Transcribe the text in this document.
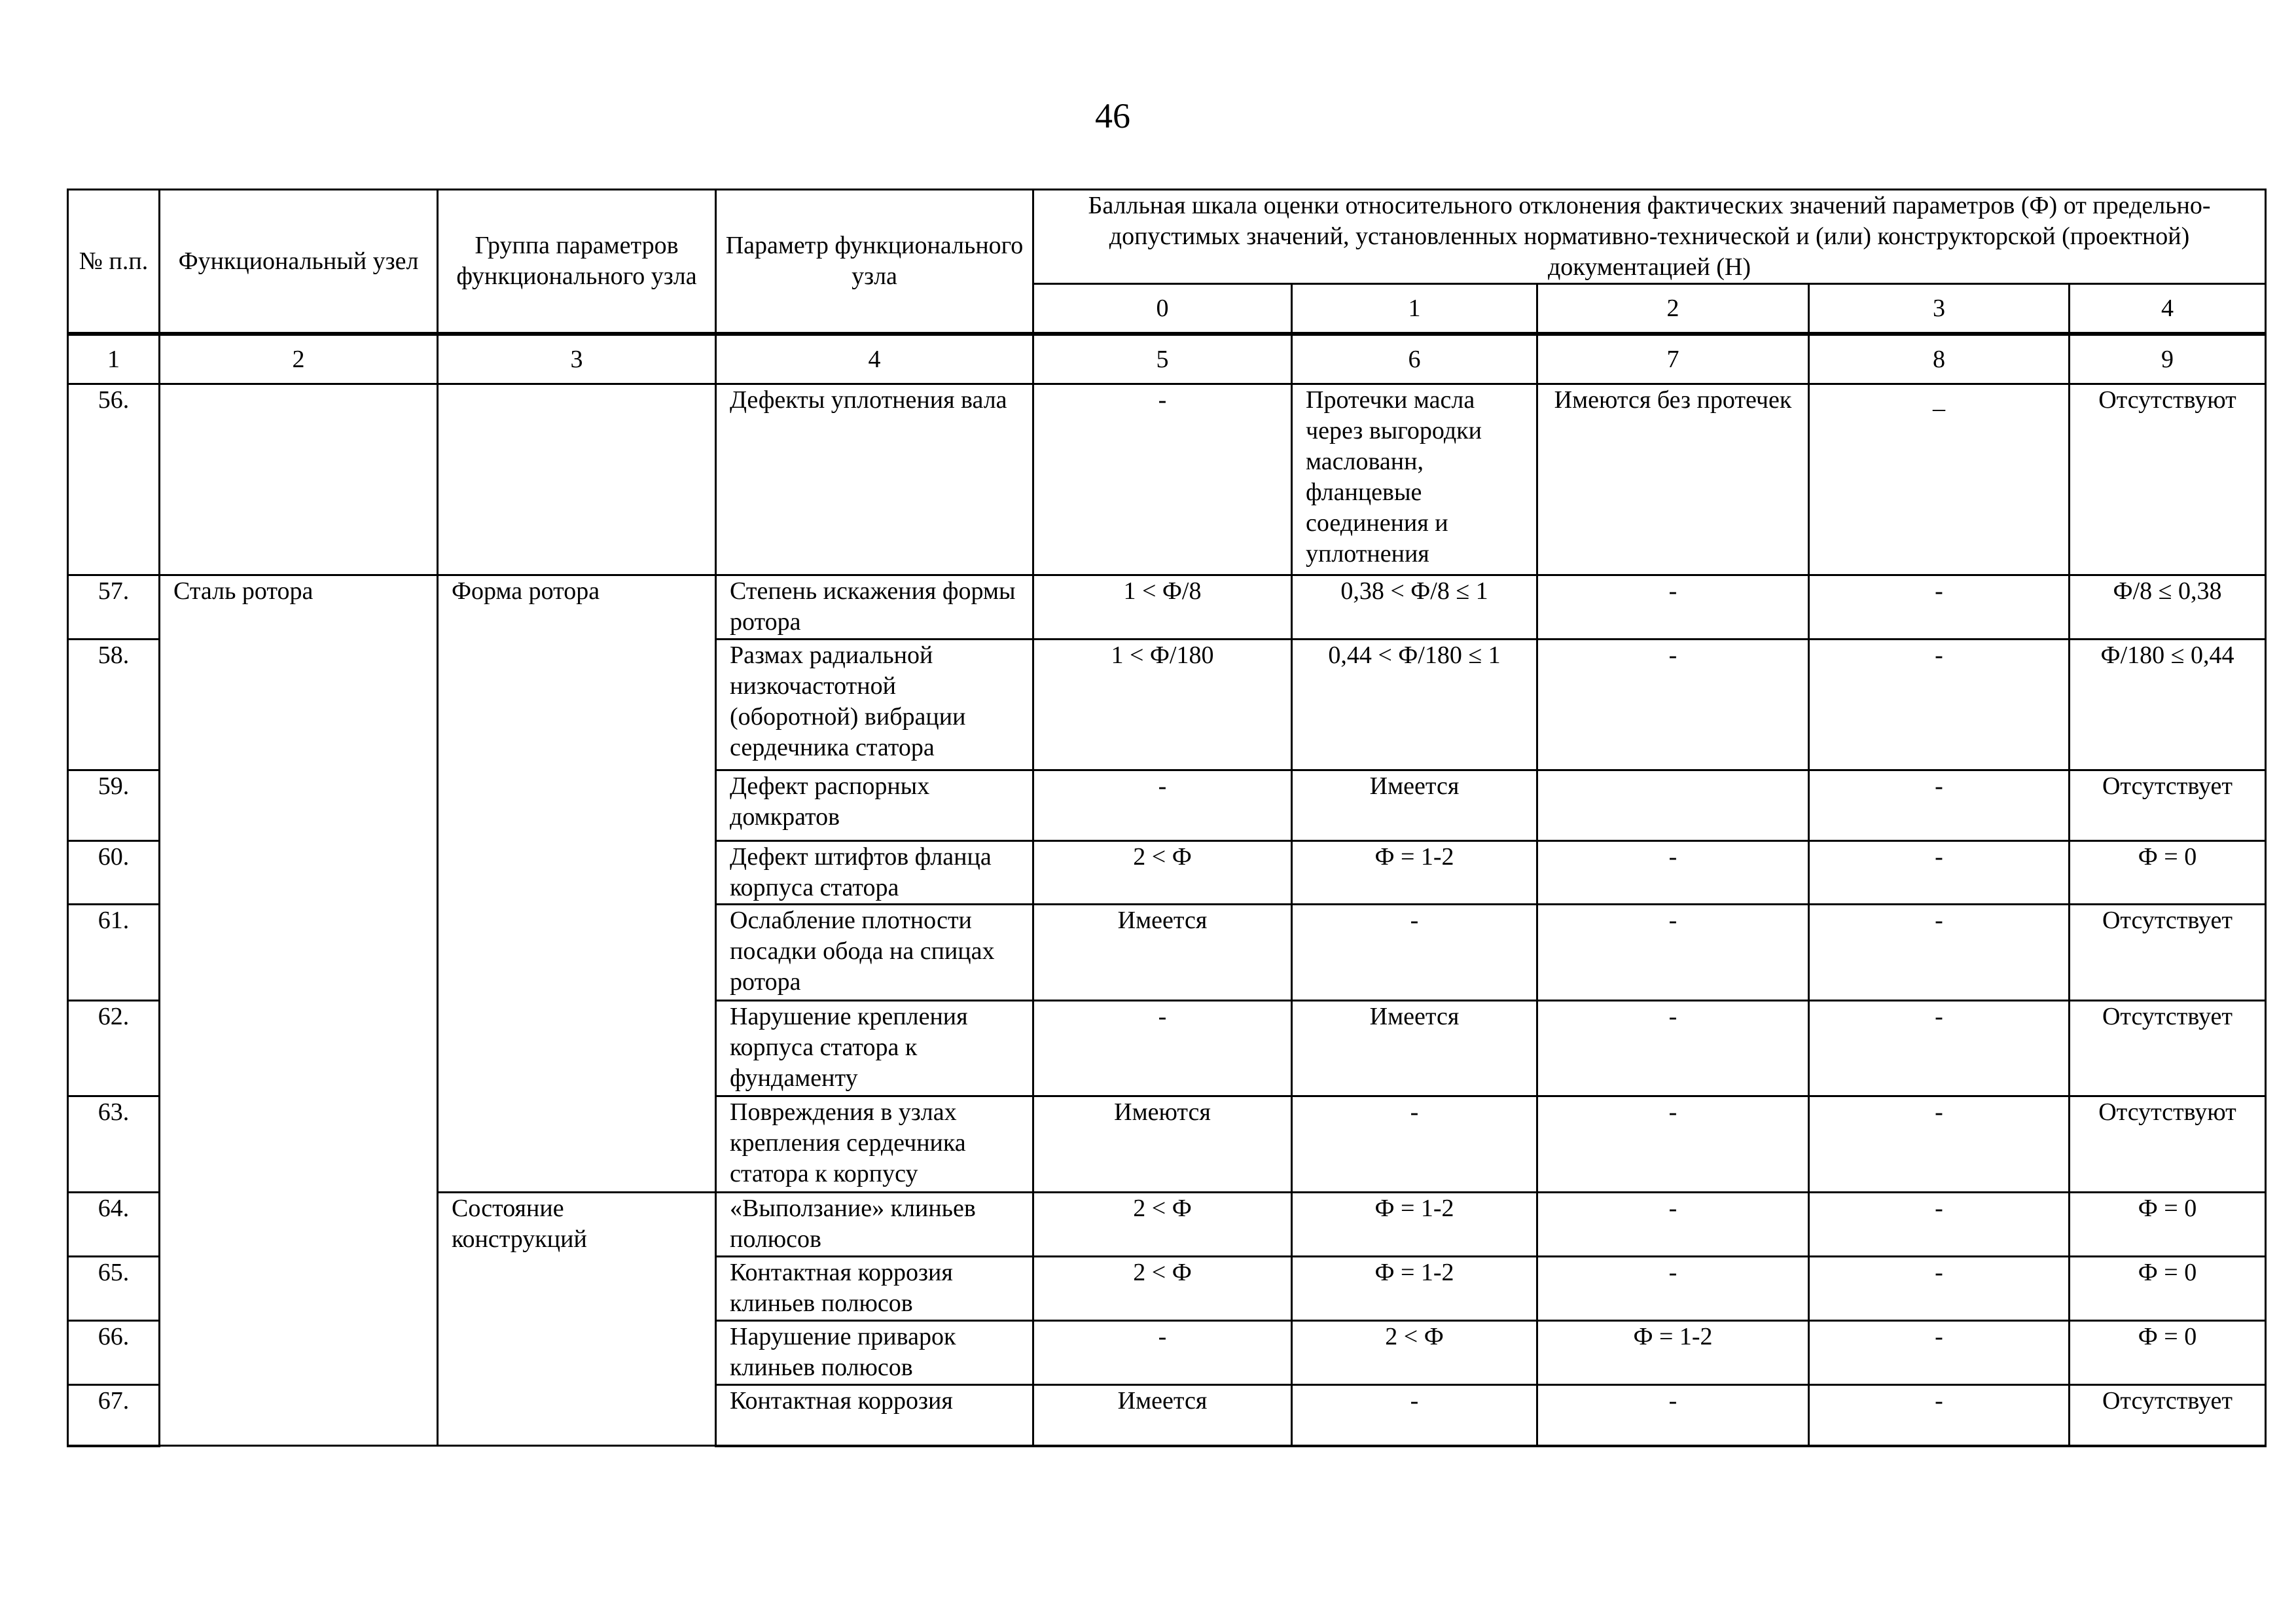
46
№ п.п.	Функциональный узел	Группа параметров функционального узла	Параметр функционального узла	Балльная шкала оценки относительного отклонения фактических значений параметров (Ф) от предельно-допустимых значений, установленных нормативно-технической и (или) конструкторской (проектной) документацией (Н)				
				0	1	2	3	4
1	2	3	4	5	6	7	8	9
56.			Дефекты уплотнения вала	-	Протечки масла через выгородки маслованн, фланцевые соединения и уплотнения	Имеются без протечек	_	Отсутствуют
57.	Сталь ротора	Форма ротора	Степень искажения формы ротора	1 < Ф/8	0,38 < Ф/8 ≤ 1	-	-	Ф/8 ≤ 0,38
58.			Размах радиальной низкочастотной (оборотной) вибрации сердечника статора	1 < Ф/180	0,44 < Ф/180 ≤ 1	-	-	Ф/180 ≤ 0,44
59.			Дефект распорных домкратов	-	Имеется		-	Отсутствует
60.			Дефект штифтов фланца корпуса статора	2 < Ф	Ф = 1-2	-	-	Ф = 0
61.			Ослабление плотности посадки обода на спицах ротора	Имеется	-	-	-	Отсутствует
62.			Нарушение крепления корпуса статора к фундаменту	-	Имеется	-	-	Отсутствует
63.			Повреждения в узлах крепления сердечника статора к корпусу	Имеются	-	-	-	Отсутствуют
64.		Состояние конструкций	«Выползание» клиньев полюсов	2 < Ф	Ф = 1-2	-	-	Ф = 0
65.			Контактная коррозия клиньев полюсов	2 < Ф	Ф = 1-2	-	-	Ф = 0
66.			Нарушение приварок клиньев полюсов	-	2 < Ф	Ф = 1-2	-	Ф = 0
67.			Контактная коррозия	Имеется	-	-	-	Отсутствует
